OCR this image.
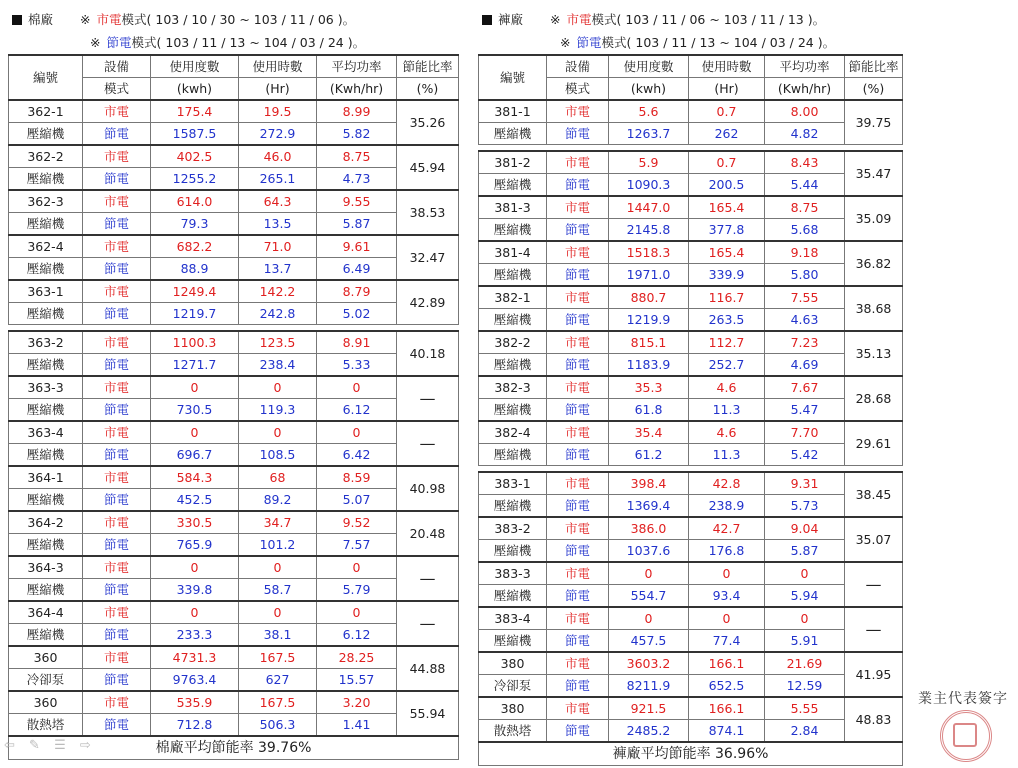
棉廠 ※ 市電模式( 103 / 10 / 30 ~ 103 / 11 / 06 )。
※ 節電模式( 103 / 11 / 13 ~ 104 / 03 / 24 )。
編號	設備	使用度數	使用時數	平均功率	節能比率
	模式	(kwh)	(Hr)	(Kwh/hr)	(%)
362-1	市電	175.4	19.5	8.99	35.26
壓縮機	節電	1587.5	272.9	5.82	
362-2	市電	402.5	46.0	8.75	45.94
壓縮機	節電	1255.2	265.1	4.73	
362-3	市電	614.0	64.3	9.55	38.53
壓縮機	節電	79.3	13.5	5.87	
362-4	市電	682.2	71.0	9.61	32.47
壓縮機	節電	88.9	13.7	6.49	
363-1	市電	1249.4	142.2	8.79	42.89
壓縮機	節電	1219.7	242.8	5.02	

363-2	市電	1100.3	123.5	8.91	40.18
壓縮機	節電	1271.7	238.4	5.33	
363-3	市電	0	0	0	—
壓縮機	節電	730.5	119.3	6.12	
363-4	市電	0	0	0	—
壓縮機	節電	696.7	108.5	6.42	
364-1	市電	584.3	68	8.59	40.98
壓縮機	節電	452.5	89.2	5.07	
364-2	市電	330.5	34.7	9.52	20.48
壓縮機	節電	765.9	101.2	7.57	
364-3	市電	0	0	0	—
壓縮機	節電	339.8	58.7	5.79	
364-4	市電	0	0	0	—
壓縮機	節電	233.3	38.1	6.12	
360	市電	4731.3	167.5	28.25	44.88
冷卻泵	節電	9763.4	627	15.57	
360	市電	535.9	167.5	3.20	55.94
散熱塔	節電	712.8	506.3	1.41	
棉廠平均節能率 39.76%					
褲廠 ※ 市電模式( 103 / 11 / 06 ~ 103 / 11 / 13 )。
※ 節電模式( 103 / 11 / 13 ~ 104 / 03 / 24 )。
編號	設備	使用度數	使用時數	平均功率	節能比率
	模式	(kwh)	(Hr)	(Kwh/hr)	(%)
381-1	市電	5.6	0.7	8.00	39.75
壓縮機	節電	1263.7	262	4.82	

381-2	市電	5.9	0.7	8.43	35.47
壓縮機	節電	1090.3	200.5	5.44	
381-3	市電	1447.0	165.4	8.75	35.09
壓縮機	節電	2145.8	377.8	5.68	
381-4	市電	1518.3	165.4	9.18	36.82
壓縮機	節電	1971.0	339.9	5.80	
382-1	市電	880.7	116.7	7.55	38.68
壓縮機	節電	1219.9	263.5	4.63	
382-2	市電	815.1	112.7	7.23	35.13
壓縮機	節電	1183.9	252.7	4.69	
382-3	市電	35.3	4.6	7.67	28.68
壓縮機	節電	61.8	11.3	5.47	
382-4	市電	35.4	4.6	7.70	29.61
壓縮機	節電	61.2	11.3	5.42	

383-1	市電	398.4	42.8	9.31	38.45
壓縮機	節電	1369.4	238.9	5.73	
383-2	市電	386.0	42.7	9.04	35.07
壓縮機	節電	1037.6	176.8	5.87	
383-3	市電	0	0	0	—
壓縮機	節電	554.7	93.4	5.94	
383-4	市電	0	0	0	—
壓縮機	節電	457.5	77.4	5.91	
380	市電	3603.2	166.1	21.69	41.95
冷卻泵	節電	8211.9	652.5	12.59	
380	市電	921.5	166.1	5.55	48.83
散熱塔	節電	2485.2	874.1	2.84	
褲廠平均節能率 36.96%					
業主代表簽字
⇦ ✎ ☰ ⇨
